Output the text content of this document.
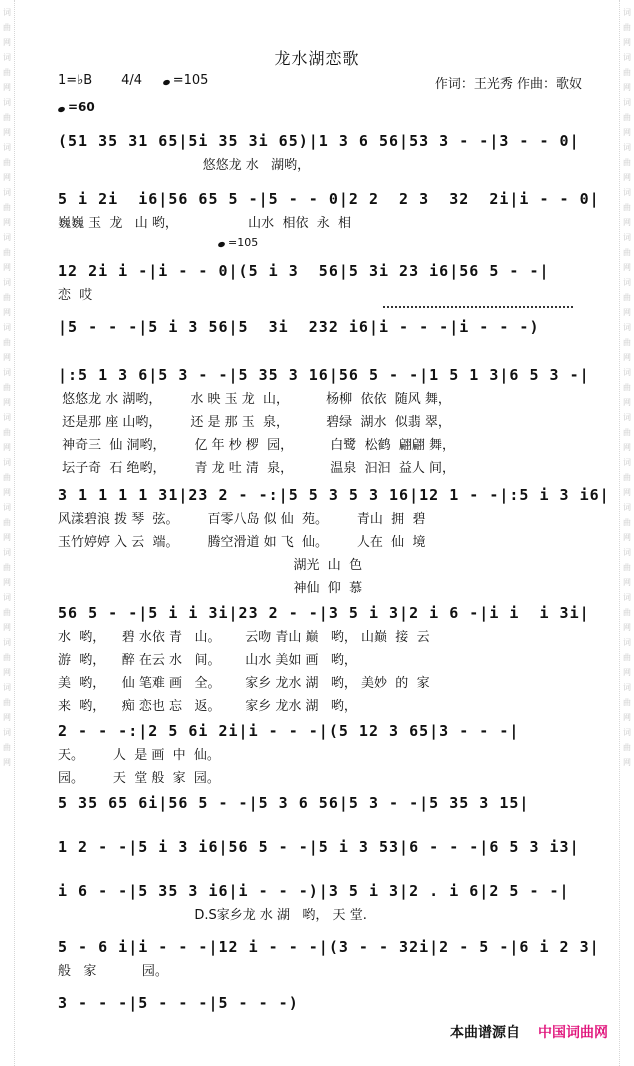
词
曲
网
词
曲
网
词
曲
网
词
曲
网
词
曲
网
词
曲
网
词
曲
网
词
曲
网
词
曲
网
词
曲
网
词
曲
网
词
曲
网
词
曲
网
词
曲
网
词
曲
网
词
曲
网
词
曲
网
词
曲
网
词
曲
网
词
曲
网
词
曲
网
词
曲
网
词
曲
网
词
曲
网
词
曲
网
词
曲
网
词
曲
网
词
曲
网
词
曲
网
词
曲
网
词
曲
网
词
曲
网
词
曲
网
词
曲
网
龙水湖恋歌
1=♭B 4/4 =105	作词：王光秀 作曲：歌奴
=60
=105
(51 35 31 65|5i 35 3i 65)|1 3 6 56|53 3 - -|3 - - 0|
悠悠龙 水   湖哟，
5 i 2i  i6|56 65 5 -|5 - - 0|2 2  2 3  32  2i|i - - 0|
巍巍 玉  龙   山 哟，                 山水  相依  永  相
12 2i i -|i - - 0|(5 i 3  56|5 3i 23 i6|56 5 - -|
恋  哎
|5 - - -|5 i 3 56|5  3i  232 i6|i - - -|i - - -)
|:5 1 3 6|5 3 - -|5 35 3 16|56 5 - -|1 5 1 3|6 5 3 -|
悠悠龙 水 湖哟，       水 映 玉 龙  山，         杨柳  依依  随风 舞，
还是那 座 山哟，       还 是 那 玉  泉，         碧绿  湖水  似翡 翠，
神奇三  仙 洞哟，       亿 年 杪 椤  园，         白鹭  松鹤  翩翩 舞，
坛子奇  石 绝哟，       青 龙 吐 清  泉，         温泉  汩汩  益人 间，
3 1 1 1 1 31|23 2 - -:|5 5 3 5 3 16|12 1 - -|:5 i 3 i6|
风漾碧浪 拨 琴  弦。       百零八岛 似 仙  苑。       青山  拥  碧
玉竹婷婷 入 云  端。       腾空滑道 如 飞  仙。       人在  仙  境
湖光  山  色
神仙  仰  慕
56 5 - -|5 i i 3i|23 2 - -|3 5 i 3|2 i 6 -|i i  i 3i|
水  哟，    碧 水依 青   山。      云吻 青山 巅   哟， 山巅  接  云
游  哟，    醉 在云 水   间。      山水 美如 画   哟，
美  哟，    仙 笔难 画   全。      家乡 龙水 湖   哟， 美妙  的  家
来  哟，    痴 恋也 忘   返。      家乡 龙水 湖   哟，
2 - - -:|2 5 6i 2i|i - - -|(5 12 3 65|3 - - -|
天。       人  是 画  中  仙。
园。       天  堂 般  家  园。
5 35 65 6i|56 5 - -|5 3 6 56|5 3 - -|5 35 3 15|
1 2 - -|5 i 3 i6|56 5 - -|5 i 3 53|6 - - -|6 5 3 i3|
i 6 - -|5 35 3 i6|i - - -)|3 5 i 3|2 . i 6|2 5 - -|
D.S家乡龙 水 湖   哟， 天 堂.
5 - 6 i|i - - -|12 i - - -|(3 - - 32i|2 - 5 -|6 i 2 3|
般   家           园。
3 - - -|5 - - -|5 - - -)
本曲谱源自 中国词曲网
